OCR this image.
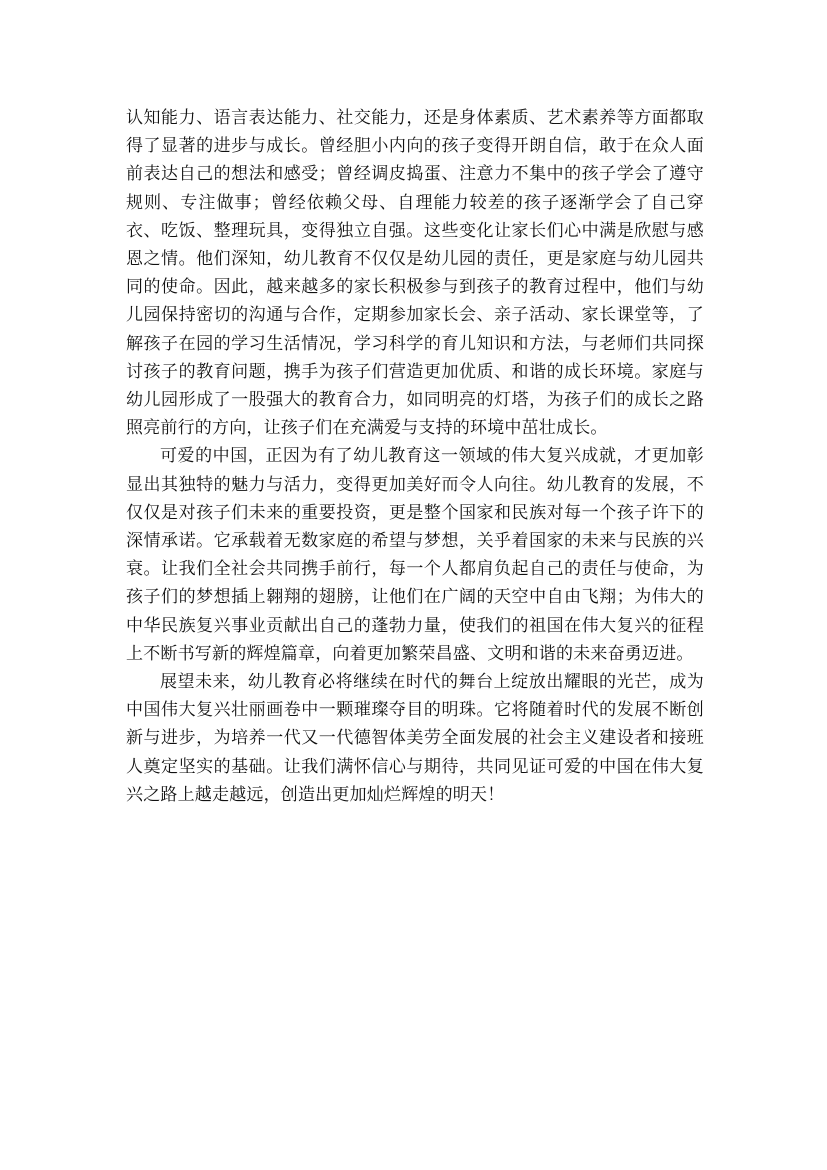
认知能力、语言表达能力、社交能力，还是身体素质、艺术素养等方面都取得了显著的进步与成长。曾经胆小内向的孩子变得开朗自信，敢于在众人面前表达自己的想法和感受；曾经调皮捣蛋、注意力不集中的孩子学会了遵守规则、专注做事；曾经依赖父母、自理能力较差的孩子逐渐学会了自己穿衣、吃饭、整理玩具，变得独立自强。这些变化让家长们心中满是欣慰与感恩之情。他们深知，幼儿教育不仅仅是幼儿园的责任，更是家庭与幼儿园共同的使命。因此，越来越多的家长积极参与到孩子的教育过程中，他们与幼儿园保持密切的沟通与合作，定期参加家长会、亲子活动、家长课堂等，了解孩子在园的学习生活情况，学习科学的育儿知识和方法，与老师们共同探讨孩子的教育问题，携手为孩子们营造更加优质、和谐的成长环境。家庭与幼儿园形成了一股强大的教育合力，如同明亮的灯塔，为孩子们的成长之路照亮前行的方向，让孩子们在充满爱与支持的环境中茁壮成长。

可爱的中国，正因为有了幼儿教育这一领域的伟大复兴成就，才更加彰显出其独特的魅力与活力，变得更加美好而令人向往。幼儿教育的发展，不仅仅是对孩子们未来的重要投资，更是整个国家和民族对每一个孩子许下的深情承诺。它承载着无数家庭的希望与梦想，关乎着国家的未来与民族的兴衰。让我们全社会共同携手前行，每一个人都肩负起自己的责任与使命，为孩子们的梦想插上翱翔的翅膀，让他们在广阔的天空中自由飞翔；为伟大的中华民族复兴事业贡献出自己的蓬勃力量，使我们的祖国在伟大复兴的征程上不断书写新的辉煌篇章，向着更加繁荣昌盛、文明和谐的未来奋勇迈进。

展望未来，幼儿教育必将继续在时代的舞台上绽放出耀眼的光芒，成为中国伟大复兴壮丽画卷中一颗璀璨夺目的明珠。它将随着时代的发展不断创新与进步，为培养一代又一代德智体美劳全面发展的社会主义建设者和接班人奠定坚实的基础。让我们满怀信心与期待，共同见证可爱的中国在伟大复兴之路上越走越远，创造出更加灿烂辉煌的明天！
